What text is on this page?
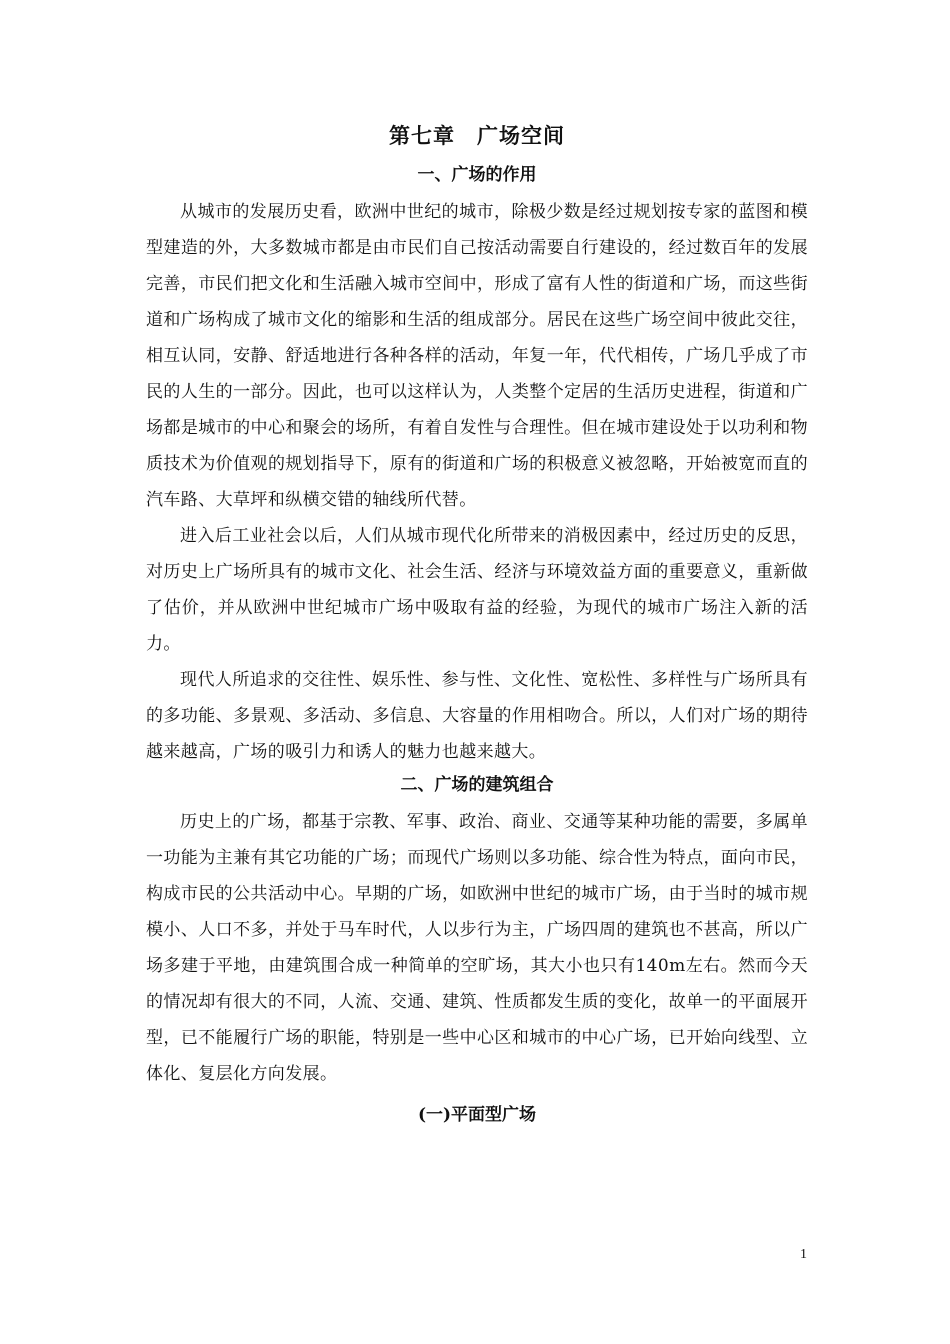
第七章　广场空间
一、广场的作用

从城市的发展历史看，欧洲中世纪的城市，除极少数是经过规划按专家的蓝图和模型建造的外，大多数城市都是由市民们自己按活动需要自行建设的，经过数百年的发展完善，市民们把文化和生活融入城市空间中，形成了富有人性的街道和广场，而这些街道和广场构成了城市文化的缩影和生活的组成部分。居民在这些广场空间中彼此交往，相互认同，安静、舒适地进行各种各样的活动，年复一年，代代相传，广场几乎成了市民的人生的一部分。因此，也可以这样认为，人类整个定居的生活历史进程，街道和广场都是城市的中心和聚会的场所，有着自发性与合理性。但在城市建设处于以功利和物质技术为价值观的规划指导下，原有的街道和广场的积极意义被忽略，开始被宽而直的汽车路、大草坪和纵横交错的轴线所代替。

进入后工业社会以后，人们从城市现代化所带来的消极因素中，经过历史的反思，对历史上广场所具有的城市文化、社会生活、经济与环境效益方面的重要意义，重新做了估价，并从欧洲中世纪城市广场中吸取有益的经验，为现代的城市广场注入新的活力。

现代人所追求的交往性、娱乐性、参与性、文化性、宽松性、多样性与广场所具有的多功能、多景观、多活动、多信息、大容量的作用相吻合。所以，人们对广场的期待越来越高，广场的吸引力和诱人的魅力也越来越大。

二、广场的建筑组合

历史上的广场，都基于宗教、军事、政治、商业、交通等某种功能的需要，多属单一功能为主兼有其它功能的广场；而现代广场则以多功能、综合性为特点，面向市民，构成市民的公共活动中心。早期的广场，如欧洲中世纪的城市广场，由于当时的城市规模小、人口不多，并处于马车时代，人以步行为主，广场四周的建筑也不甚高，所以广场多建于平地，由建筑围合成一种简单的空旷场，其大小也只有140m左右。然而今天的情况却有很大的不同，人流、交通、建筑、性质都发生质的变化，故单一的平面展开型，已不能履行广场的职能，特别是一些中心区和城市的中心广场，已开始向线型、立体化、复层化方向发展。

(一)平面型广场
1
